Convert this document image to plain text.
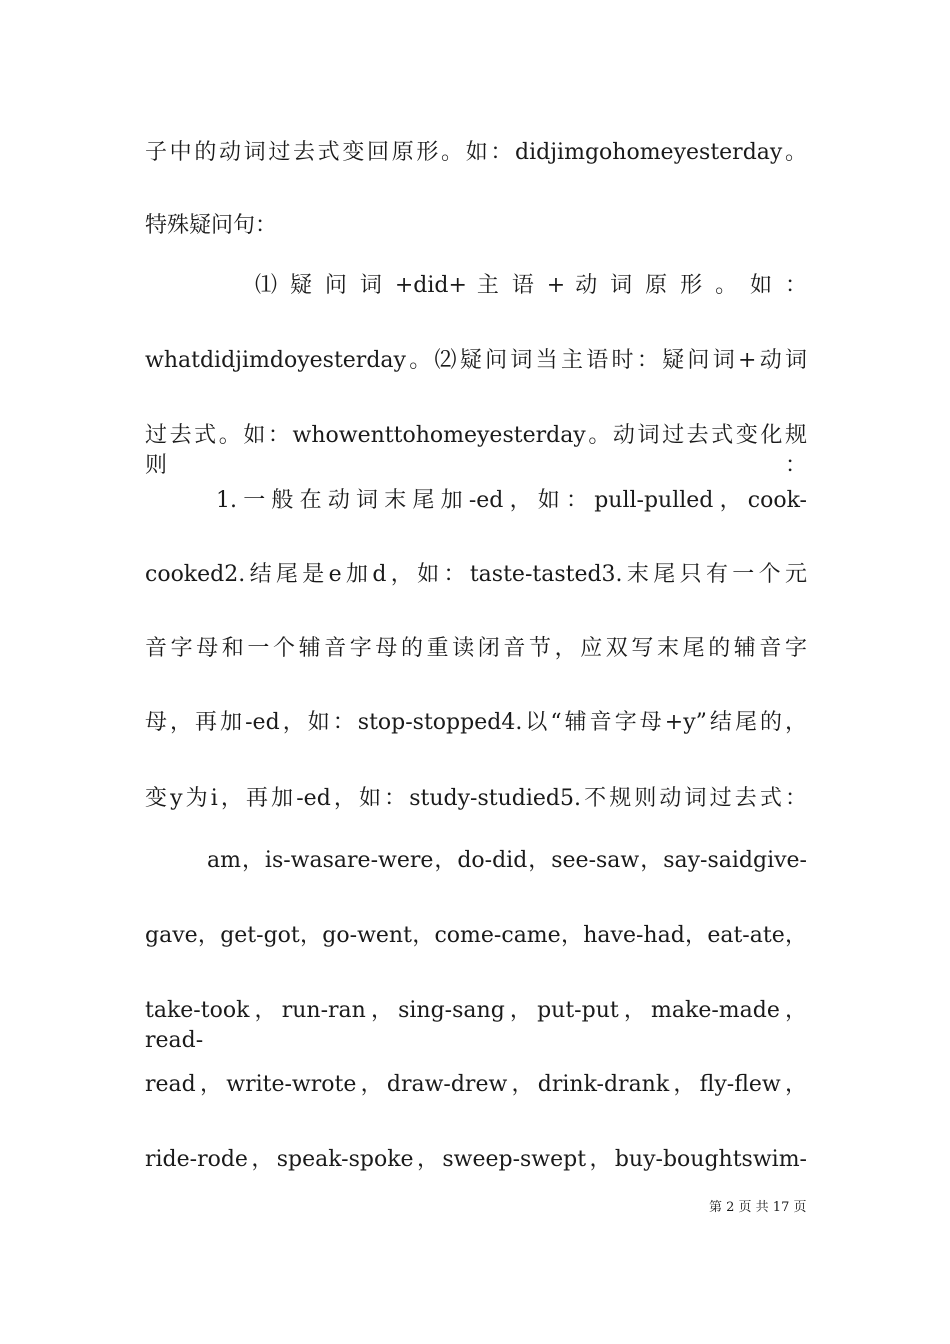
子中的动词过去式变回原形。如：didjimgohomeyesterday。
特殊疑问句：
⑴ 疑 问 词 +did+ 主 语 + 动 词 原 形 。 如 ：
whatdidjimdoyesterday。⑵疑问词当主语时：疑问词+动词
过去式。如：whowenttohomeyesterday。动词过去式变化规则：
1.一般在动词末尾加-ed，如：pull-pulled，cook-
cooked2.结尾是e加d，如：taste-tasted3.末尾只有一个元
音字母和一个辅音字母的重读闭音节，应双写末尾的辅音字
母，再加-ed，如：stop-stopped4.以“辅音字母+y”结尾的，
变y为i，再加-ed，如：study-studied5.不规则动词过去式：
am，is-wasare-were，do-did，see-saw，say-saidgive-
gave，get-got，go-went，come-came，have-had，eat-ate，
take-took，run-ran，sing-sang，put-put，make-made，read-
read，write-wrote，draw-drew，drink-drank，fly-flew，
ride-rode，speak-spoke，sweep-swept，buy-boughtswim-
第 2 页 共 17 页
